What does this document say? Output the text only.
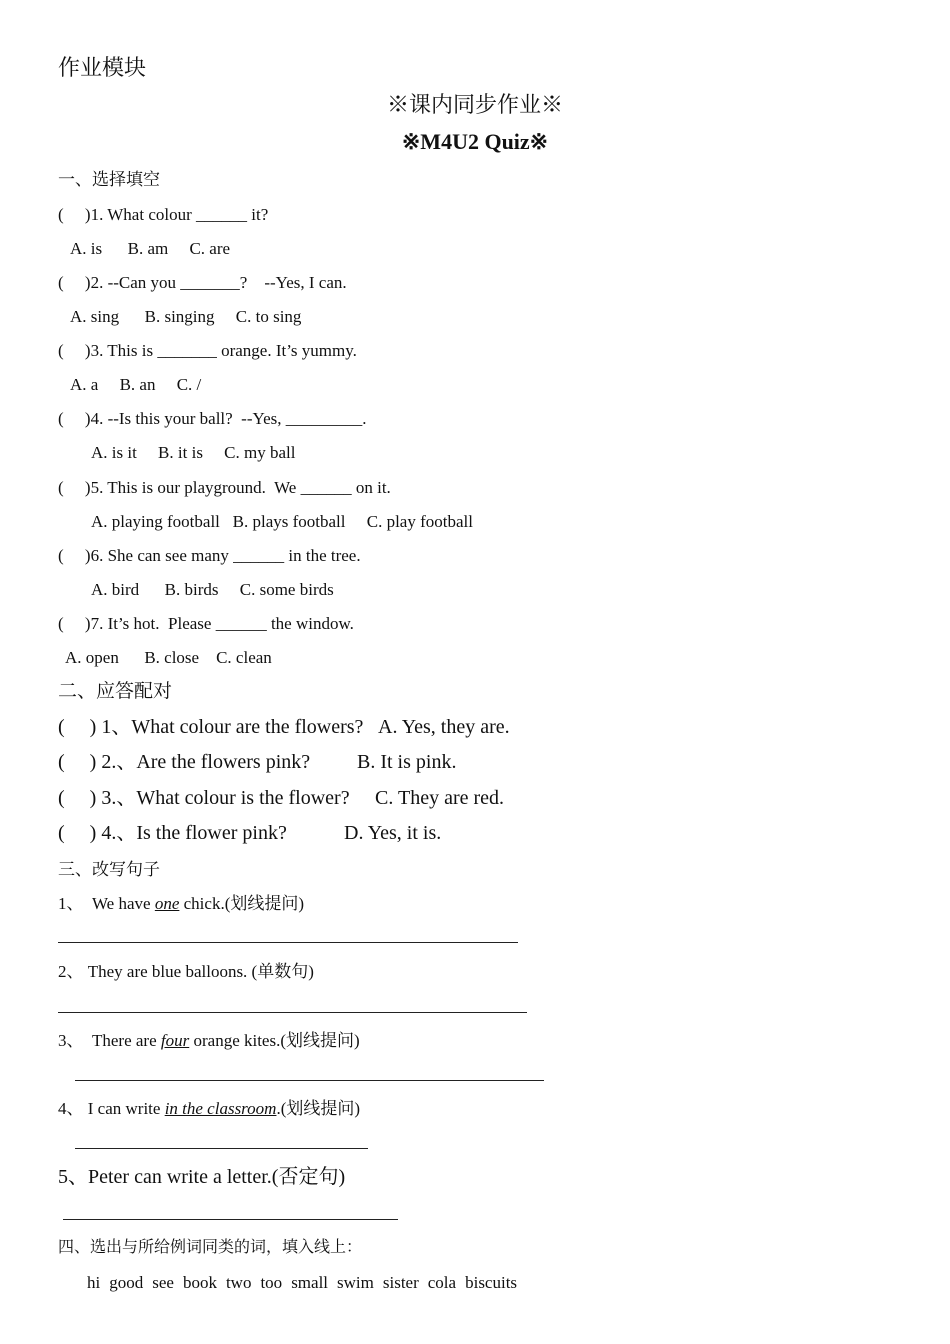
作业模块
※课内同步作业※
※M4U2 Quiz※
一、选择填空
(     )1. What colour ______ it?
A. is      B. am     C. are
(     )2. --Can you _______?    --Yes, I can.
A. sing      B. singing     C. to sing
(     )3. This is _______ orange. It’s yummy.
A. a     B. an     C. /
(     )4. --Is this your ball?  --Yes, _________.
A. is it     B. it is     C. my ball
(     )5. This is our playground.  We ______ on it.
A. playing football   B. plays football     C. play football
(     )6. She can see many ______ in the tree.
A. bird      B. birds     C. some birds
(     )7. It’s hot.  Please ______ the window.
A. open      B. close    C. clean
二、应答配对
(     ) 1、What colour are the flowers? A. Yes, they are.
(     ) 2.、Are the flowers pink? B. It is pink.
(     ) 3.、What colour is the flower? C. They are red.
(     ) 4.、Is the flower pink?	D. Yes, it is.
三、改写句子
1、  We have one chick.(划线提问)
2、 They are blue balloons. (单数句)
3、  There are four orange kites.(划线提问)
4、 I can write in the classroom.(划线提问)
5、Peter can write a letter.(否定句)
四、选出与所给例词同类的词，填入线上：
hi good see book two too small swim sister cola biscuits
